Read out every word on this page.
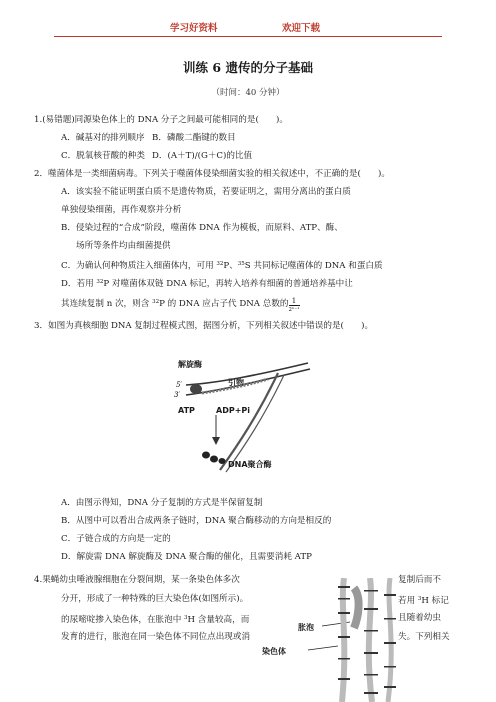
学习好资料	欢迎下载
训练 6 遗传的分子基础
（时间：40 分钟）
1.(易错题)同源染色体上的 DNA 分子之间最可能相同的是(　　)。
A．碱基对的排列顺序 B．磷酸二酯键的数目
C．脱氧核苷酸的种类 D．(A＋T)/(G＋C)的比值
2．噬菌体是一类细菌病毒。下列关于噬菌体侵染细菌实验的相关叙述中，不正确的是(　　)。
A．该实验不能证明蛋白质不是遗传物质，若要证明之，需用分离出的蛋白质
单独侵染细菌，再作观察并分析
B．侵染过程的“合成”阶段，噬菌体 DNA 作为模板，而原料、ATP、酶、
场所等条件均由细菌提供
C．为确认何种物质注入细菌体内，可用 $^{32}$P、$^{35}$S 共同标记噬菌体的 DNA 和蛋白质
D．若用 $^{32}$P 对噬菌体双链 DNA 标记，再转入培养有细菌的普通培养基中让
其连续复制 n 次，则含 $^{32}$P 的 DNA 应占子代 DNA 总数的 $\frac{1}{\text{2ⁿ⁻¹}}$
3．如图为真核细胞 DNA 复制过程模式图，据图分析，下列相关叙述中错误的是(　　)。
解旋酶
引物
5′
3′
ATP	ADP+Pi
DNA聚合酶
A．由图示得知，DNA 分子复制的方式是半保留复制
B．从图中可以看出合成两条子链时，DNA 聚合酶移动的方向是相反的
C．子链合成的方向是一定的
D．解旋需 DNA 解旋酶及 DNA 聚合酶的催化，且需要消耗 ATP
4.果蝇幼虫唾液腺细胞在分裂间期，某一条染色体多次
分开，形成了一种特殊的巨大染色体(如图所示)。
的尿嘧啶掺入染色体，在胀泡中 $^3$H 含量较高，而
发育的进行，胀泡在同一染色体不同位点出现或消
复制后而不
若用 $^3$H 标记
且随着幼虫
失。下列相关
胀泡
染色体
